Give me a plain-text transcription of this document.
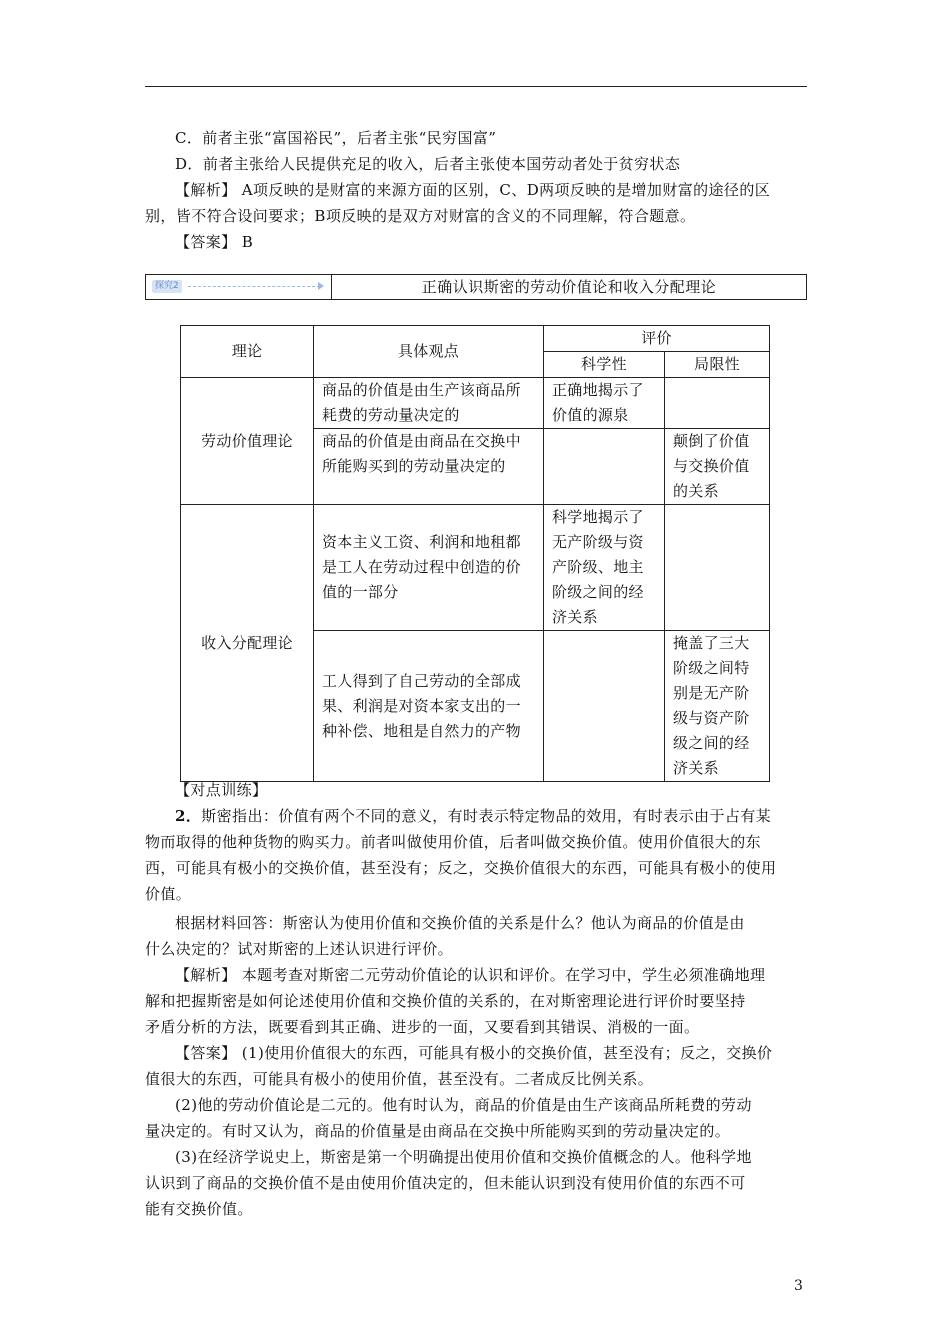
C．前者主张“富国裕民”，后者主张“民穷国富”
D．前者主张给人民提供充足的收入，后者主张使本国劳动者处于贫穷状态
【解析】 A项反映的是财富的来源方面的区别，C、D两项反映的是增加财富的途径的区
别，皆不符合设问要求；B项反映的是双方对财富的含义的不同理解，符合题意。
【答案】 B
探究2	正确认识斯密的劳动价值论和收入分配理论
理论	具体观点	评价	
		科学性	局限性
劳动价值理论	商品的价值是由生产该商品所耗费的劳动量决定的	正确地揭示了价值的源泉	
	商品的价值是由商品在交换中所能购买到的劳动量决定的		颠倒了价值与交换价值的关系
收入分配理论	资本主义工资、利润和地租都是工人在劳动过程中创造的价值的一部分	科学地揭示了无产阶级与资产阶级、地主阶级之间的经济关系	
	工人得到了自己劳动的全部成果、利润是对资本家支出的一种补偿、地租是自然力的产物		掩盖了三大阶级之间特别是无产阶级与资产阶级之间的经济关系
【对点训练】
2．斯密指出：价值有两个不同的意义，有时表示特定物品的效用，有时表示由于占有某
物而取得的他种货物的购买力。前者叫做使用价值，后者叫做交换价值。使用价值很大的东
西，可能具有极小的交换价值，甚至没有；反之，交换价值很大的东西，可能具有极小的使用
价值。
根据材料回答：斯密认为使用价值和交换价值的关系是什么？他认为商品的价值是由
什么决定的？试对斯密的上述认识进行评价。
【解析】 本题考查对斯密二元劳动价值论的认识和评价。在学习中，学生必须准确地理
解和把握斯密是如何论述使用价值和交换价值的关系的，在对斯密理论进行评价时要坚持
矛盾分析的方法，既要看到其正确、进步的一面，又要看到其错误、消极的一面。
【答案】 (1)使用价值很大的东西，可能具有极小的交换价值，甚至没有；反之，交换价
值很大的东西，可能具有极小的使用价值，甚至没有。二者成反比例关系。
(2)他的劳动价值论是二元的。他有时认为，商品的价值是由生产该商品所耗费的劳动
量决定的。有时又认为，商品的价值量是由商品在交换中所能购买到的劳动量决定的。
(3)在经济学说史上，斯密是第一个明确提出使用价值和交换价值概念的人。他科学地
认识到了商品的交换价值不是由使用价值决定的，但未能认识到没有使用价值的东西不可
能有交换价值。
3
